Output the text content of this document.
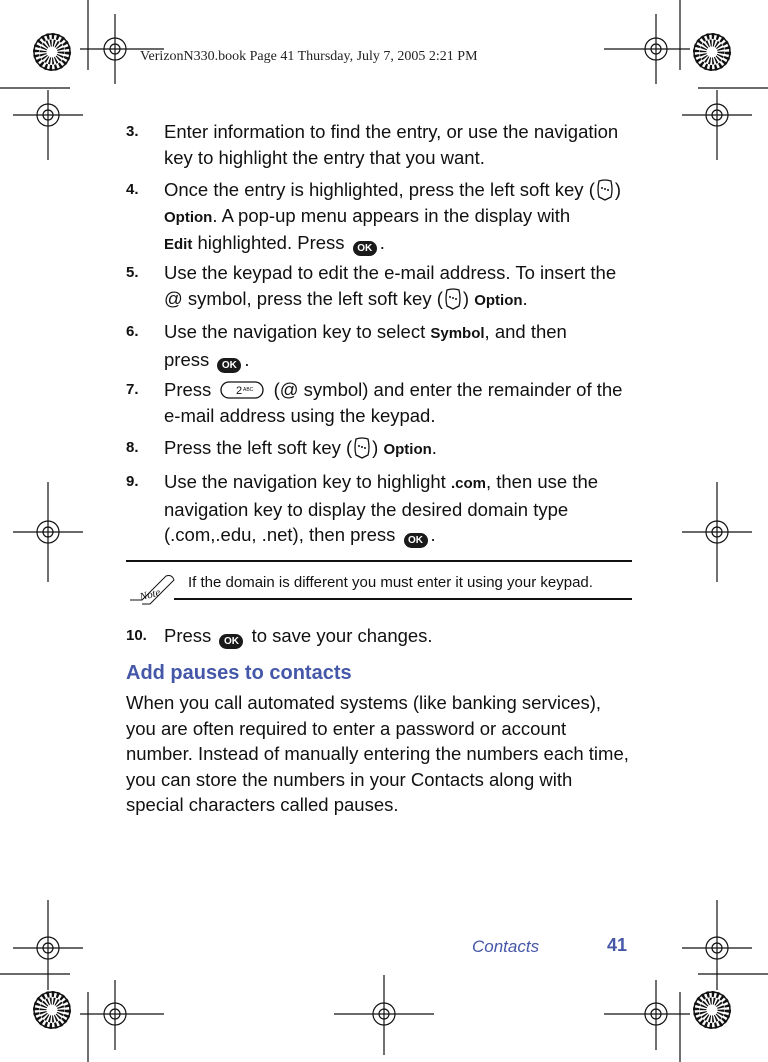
VerizonN330.book Page 41 Thursday, July 7, 2005 2:21 PM
3. Enter information to find the entry, or use the navigation
key to highlight the entry that you want.
4. Once the entry is highlighted, press the left soft key ( )
Option. A pop-up menu appears in the display with
Edit highlighted. Press OK .
5. Use the keypad to edit the e-mail address. To insert the
@ symbol, press the left soft key ( ) Option.
6. Use the navigation key to select Symbol, and then
press OK .
7. Press 2 ABC (@ symbol) and enter the remainder of the
e-mail address using the keypad.
8. Press the left soft key ( ) Option.
9. Use the navigation key to highlight .com, then use the
navigation key to display the desired domain type
(.com,.edu, .net), then press OK .
Note
If the domain is different you must enter it using your keypad.
10. Press OK to save your changes.
Add pauses to contacts
When you call automated systems (like banking services),
you are often required to enter a password or account
number. Instead of manually entering the numbers each time,
you can store the numbers in your Contacts along with
special characters called pauses.
Contacts	41
